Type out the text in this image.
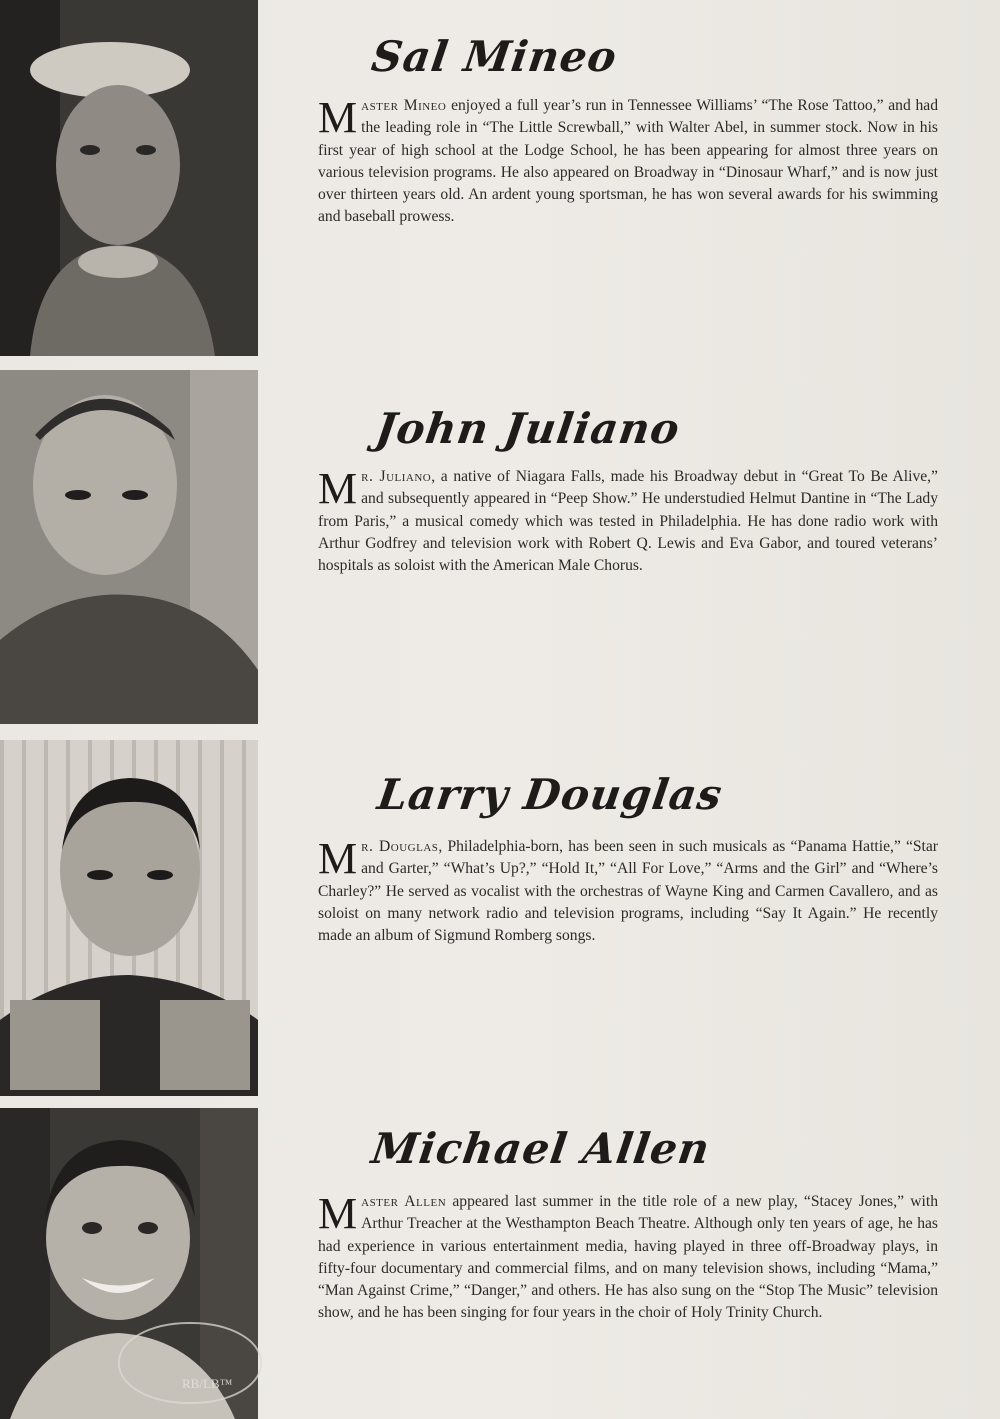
Sal Mineo

Master Mineo enjoyed a full year’s run in Tennessee Williams’ “The Rose Tattoo,” and had the leading role in “The Little Screwball,” with Walter Abel, in summer stock. Now in his first year of high school at the Lodge School, he has been appearing for almost three years on various television programs. He also appeared on Broadway in “Dinosaur Wharf,” and is now just over thirteen years old. An ardent young sportsman, he has won several awards for his swimming and baseball prowess.

John Juliano

Mr. Juliano, a native of Niagara Falls, made his Broadway debut in “Great To Be Alive,” and subsequently appeared in “Peep Show.” He understudied Helmut Dantine in “The Lady from Paris,” a musical comedy which was tested in Philadelphia. He has done radio work with Arthur Godfrey and television work with Robert Q. Lewis and Eva Gabor, and toured veterans’ hospitals as soloist with the American Male Chorus.

Larry Douglas

Mr. Douglas, Philadelphia-born, has been seen in such musicals as “Panama Hattie,” “Star and Garter,” “What’s Up?,” “Hold It,” “All For Love,” “Arms and the Girl” and “Where’s Charley?” He served as vocalist with the orchestras of Wayne King and Carmen Cavallero, and as soloist on many network radio and television programs, including “Say It Again.” He recently made an album of Sigmund Romberg songs.

RB/LB™
Michael Allen

Master Allen appeared last summer in the title role of a new play, “Stacey Jones,” with Arthur Treacher at the Westhampton Beach Theatre. Although only ten years of age, he has had experience in various entertainment media, having played in three off-Broadway plays, in fifty-four documentary and commercial films, and on many television shows, including “Mama,” “Man Against Crime,” “Danger,” and others. He has also sung on the “Stop The Music” television show, and he has been singing for four years in the choir of Holy Trinity Church.
